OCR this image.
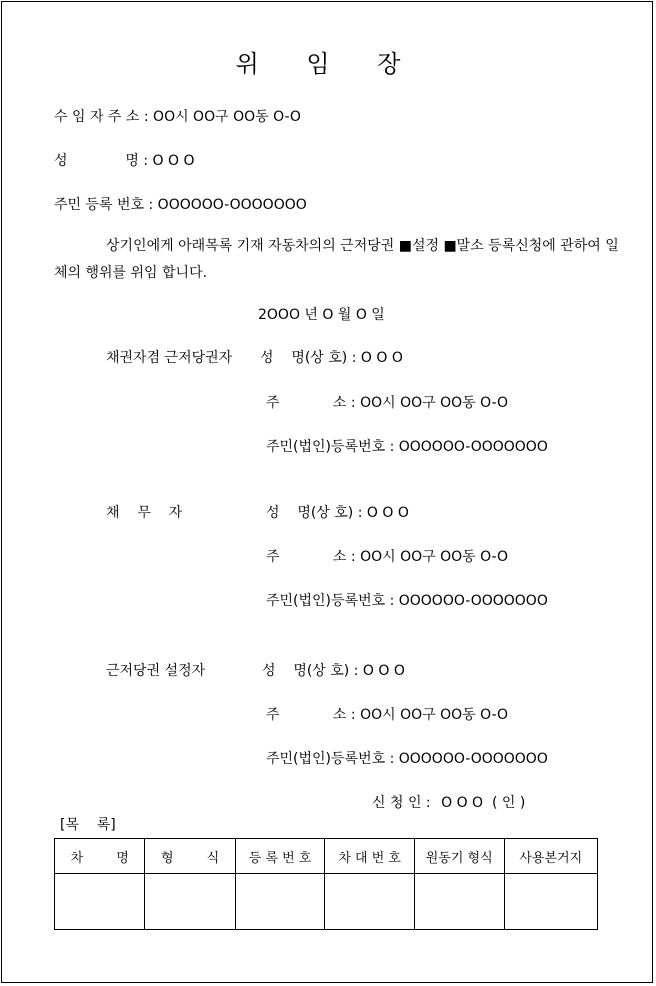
위 임 장
수 임 자 주 소 : OO시 OO구 OO동 O-O
성             명 : O O O
주민 등록 번호 : OOOOOO-OOOOOOO
상기인에게 아래목록 기재 자동차의의 근저당권 ■설정 ■말소 등록신청에 관하여 일체의 행위를 위임 합니다.
2OOO 년 O 월 O 일
채권자겸 근저당권자 성    명(상 호) : O O O
주            소 : OO시 OO구 OO동 O-O
주민(법인)등록번호 : OOOOOO-OOOOOOO
채    무    자	성    명(상 호) : O O O
주            소 : OO시 OO구 OO동 O-O
주민(법인)등록번호 : OOOOOO-OOOOOOO
근저당권 설정자	성    명(상 호) : O O O
주            소 : OO시 OO구 OO동 O-O
주민(법인)등록번호 : OOOOOO-OOOOOOO
신 청 인 : O O O  ( 인 )
[목    록]
차        명	형        식	등 록 번 호	차 대 번 호	원동기 형식	사용본거지
